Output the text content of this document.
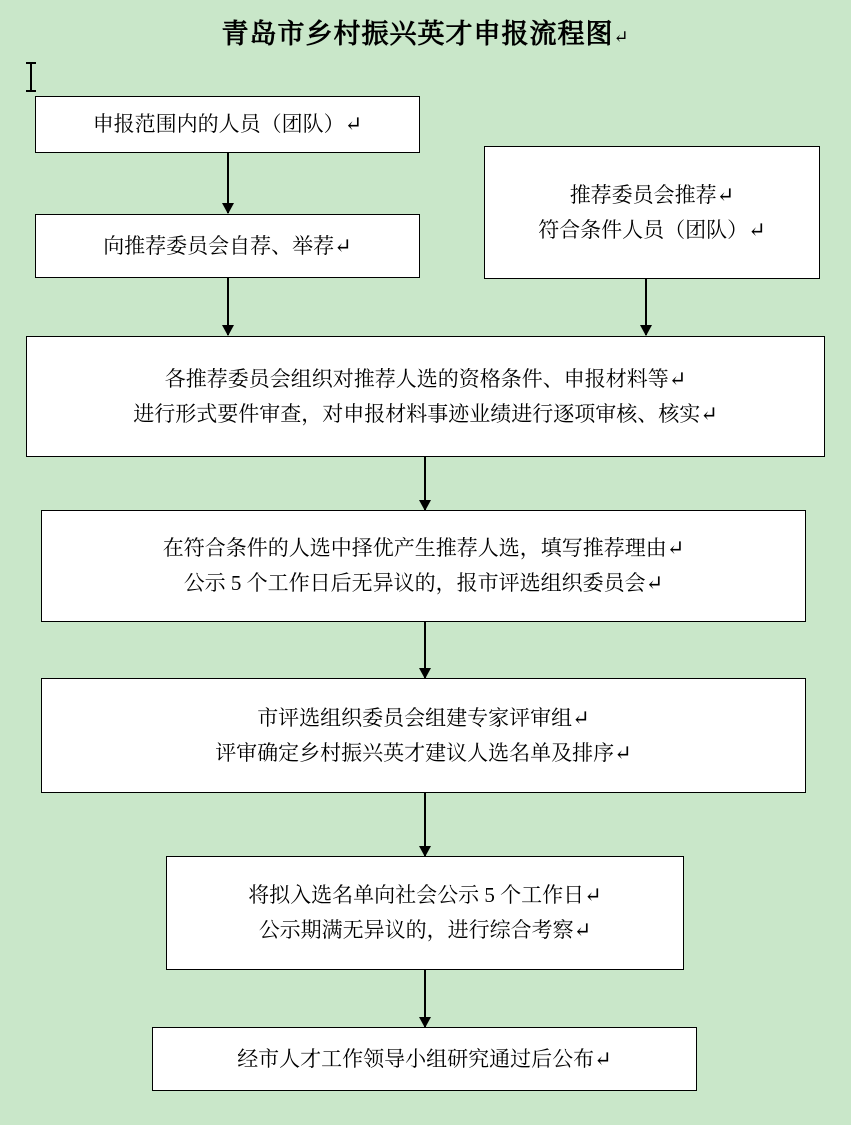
青岛市乡村振兴英才申报流程图↵
申报范围内的人员（团队）↵
向推荐委员会自荐、举荐↵
推荐委员会推荐↵
符合条件人员（团队）↵
各推荐委员会组织对推荐人选的资格条件、申报材料等↵
进行形式要件审查，对申报材料事迹业绩进行逐项审核、核实↵
在符合条件的人选中择优产生推荐人选，填写推荐理由↵
公示 5 个工作日后无异议的，报市评选组织委员会↵
市评选组织委员会组建专家评审组↵
评审确定乡村振兴英才建议人选名单及排序↵
将拟入选名单向社会公示 5 个工作日↵
公示期满无异议的，进行综合考察↵
经市人才工作领导小组研究通过后公布↵
